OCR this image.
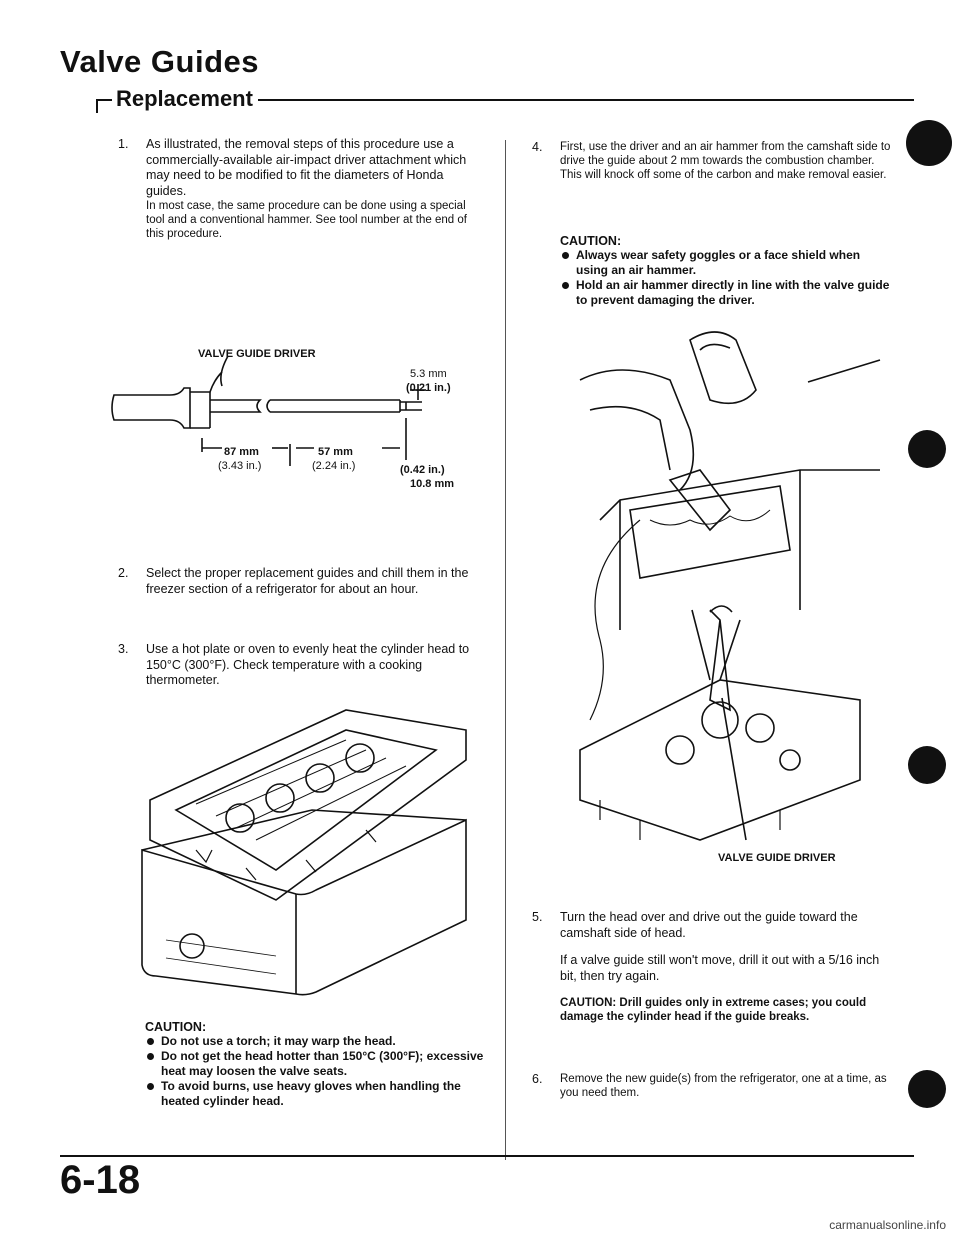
Valve Guides
Replacement
1. As illustrated, the removal steps of this procedure use a commercially-available air-impact driver attachment which may need to be modified to fit the diameters of Honda guides.

In most case, the same procedure can be done using a special tool and a conventional hammer. See tool number at the end of this procedure.

VALVE GUIDE DRIVER
5.3 mm
(0.21 in.)
87 mm
(3.43 in.)
57 mm
(2.24 in.)	(0.42 in.)
10.8 mm
2. Select the proper replacement guides and chill them in the freezer section of a refrigerator for about an hour.

3. Use a hot plate or oven to evenly heat the cylinder head to 150°C (300°F). Check temperature with a cooking thermometer.

CAUTION:
Do not use a torch; it may warp the head.
Do not get the head hotter than 150°C (300°F); excessive heat may loosen the valve seats.
To avoid burns, use heavy gloves when handling the heated cylinder head.
4. First, use the driver and an air hammer from the camshaft side to drive the guide about 2 mm towards the combustion chamber. This will knock off some of the carbon and make removal easier.

CAUTION:
Always wear safety goggles or a face shield when using an air hammer.
Hold an air hammer directly in line with the valve guide to prevent damaging the driver.
VALVE GUIDE DRIVER
5. Turn the head over and drive out the guide toward the camshaft side of head.

If a valve guide still won't move, drill it out with a 5/16 inch bit, then try again.

CAUTION: Drill guides only in extreme cases; you could damage the cylinder head if the guide breaks.

6. Remove the new guide(s) from the refrigerator, one at a time, as you need them.

6-18
carmanualsonline.info
